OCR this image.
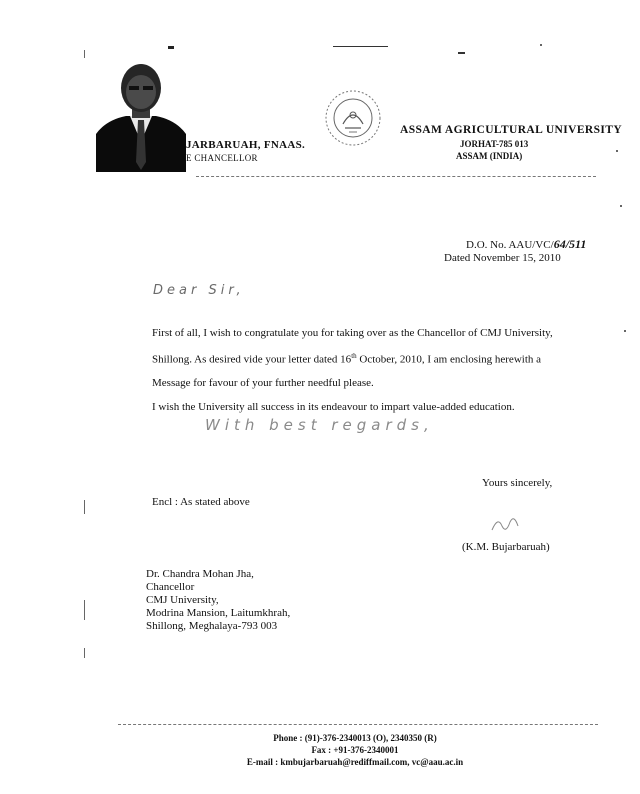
JARBARUAH, FNAAS.
E CHANCELLOR
ASSAM AGRICULTURAL UNIVERSITY
JORHAT-785 013
ASSAM (INDIA)
D.O. No. AAU/VC/64/511
Dated November 15, 2010
Dear Sir,
First of all, I wish to congratulate you for taking over as the Chancellor of CMJ University, Shillong. As desired vide your letter dated 16th October, 2010, I am enclosing herewith a Message for favour of your further needful please.
I wish the University all success in its endeavour to impart value-added education.
With best regards,
Yours sincerely,
(K.M. Bujarbaruah)
Encl : As stated above
Dr. Chandra Mohan Jha,
Chancellor
CMJ University,
Modrina Mansion, Laitumkhrah,
Shillong, Meghalaya-793 003
Phone : (91)-376-2340013 (O), 2340350 (R)
Fax : +91-376-2340001
E-mail : kmbujarbaruah@rediffmail.com, vc@aau.ac.in
